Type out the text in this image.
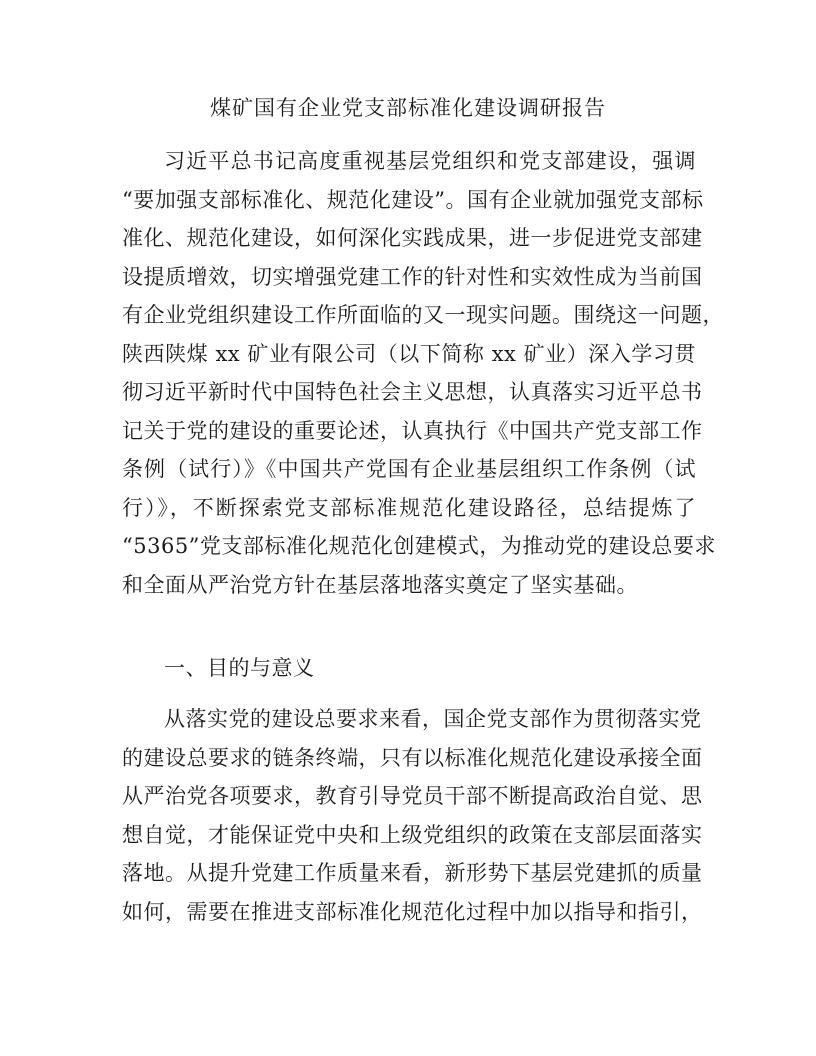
煤矿国有企业党支部标准化建设调研报告
习近平总书记高度重视基层党组织和党支部建设，强调
“要加强支部标准化、规范化建设”。国有企业就加强党支部标
准化、规范化建设，如何深化实践成果，进一步促进党支部建
设提质增效，切实增强党建工作的针对性和实效性成为当前国
有企业党组织建设工作所面临的又一现实问题。围绕这一问题，
陕西陕煤 xx 矿业有限公司（以下简称 xx 矿业）深入学习贯
彻习近平新时代中国特色社会主义思想，认真落实习近平总书
记关于党的建设的重要论述，认真执行《中国共产党支部工作
条例（试行）》《中国共产党国有企业基层组织工作条例（试
行）》，不断探索党支部标准规范化建设路径，总结提炼了
“5365”党支部标准化规范化创建模式，为推动党的建设总要求
和全面从严治党方针在基层落地落实奠定了坚实基础。
一、目的与意义
从落实党的建设总要求来看，国企党支部作为贯彻落实党
的建设总要求的链条终端，只有以标准化规范化建设承接全面
从严治党各项要求，教育引导党员干部不断提高政治自觉、思
想自觉，才能保证党中央和上级党组织的政策在支部层面落实
落地。从提升党建工作质量来看，新形势下基层党建抓的质量
如何，需要在推进支部标准化规范化过程中加以指导和指引，
